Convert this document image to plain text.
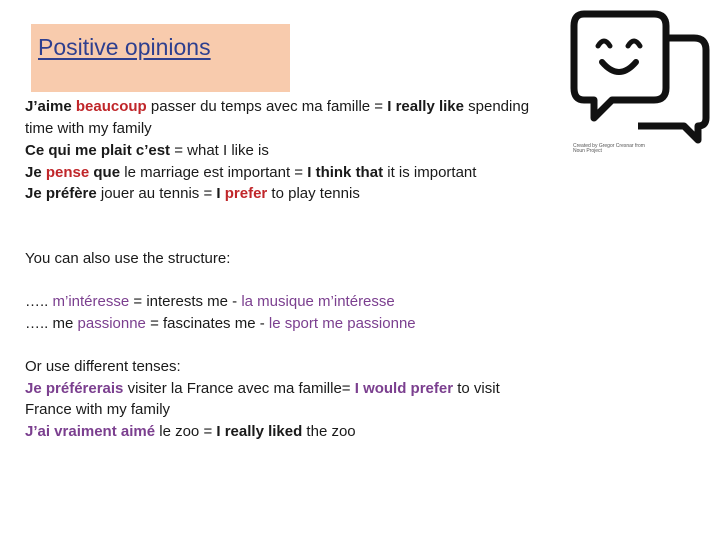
Positive opinions
Created by Gregor Cresnar from Noun Project
J’aime beaucoup passer du temps avec ma famille = I really like spending
time with my family
Ce qui me plait c’est = what I like is
Je pense que le marriage est important = I think that it is important
Je préfère jouer au tennis = I prefer to play tennis
You can also use the structure:
….. m’intéresse = interests me - la musique m’intéresse
….. me passionne = fascinates me - le sport me passionne
Or use different tenses:
Je préférerais visiter la France avec ma famille= I would prefer to visit
France with my family
J’ai vraiment aimé le zoo = I really liked the zoo
